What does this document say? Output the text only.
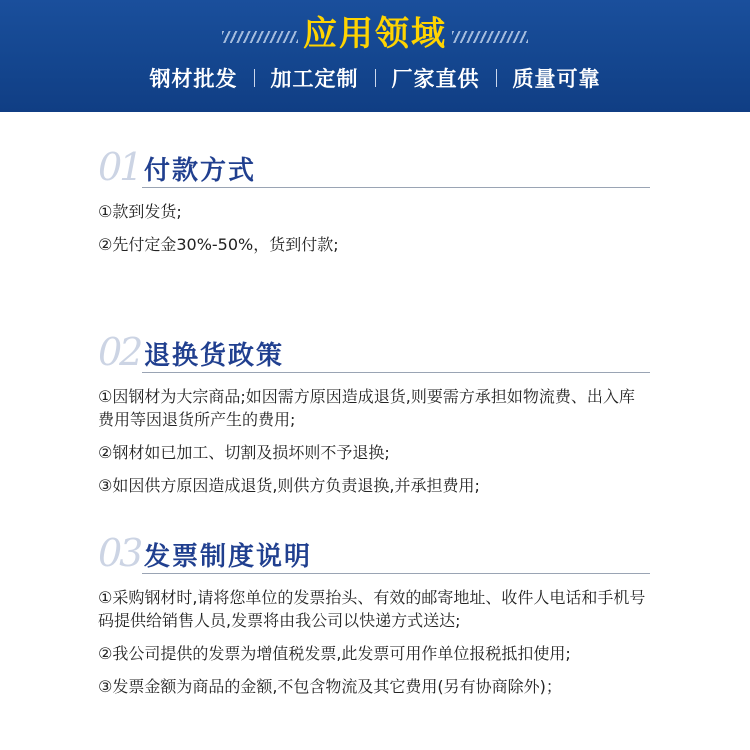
应用领域
钢材批发	加工定制	厂家直供	质量可靠
01 付款方式

①款到发货;

②先付定金30%-50%，货到付款;

02 退换货政策

①因钢材为大宗商品;如因需方原因造成退货,则要需方承担如物流费、出入库费用等因退货所产生的费用;

②钢材如已加工、切割及损坏则不予退换;

③如因供方原因造成退货,则供方负责退换,并承担费用;

03 发票制度说明

①采购钢材时,请将您单位的发票抬头、有效的邮寄地址、收件人电话和手机号码提供给销售人员,发票将由我公司以快递方式送达;

②我公司提供的发票为增值税发票,此发票可用作单位报税抵扣使用;

③发票金额为商品的金额,不包含物流及其它费用(另有协商除外)；
